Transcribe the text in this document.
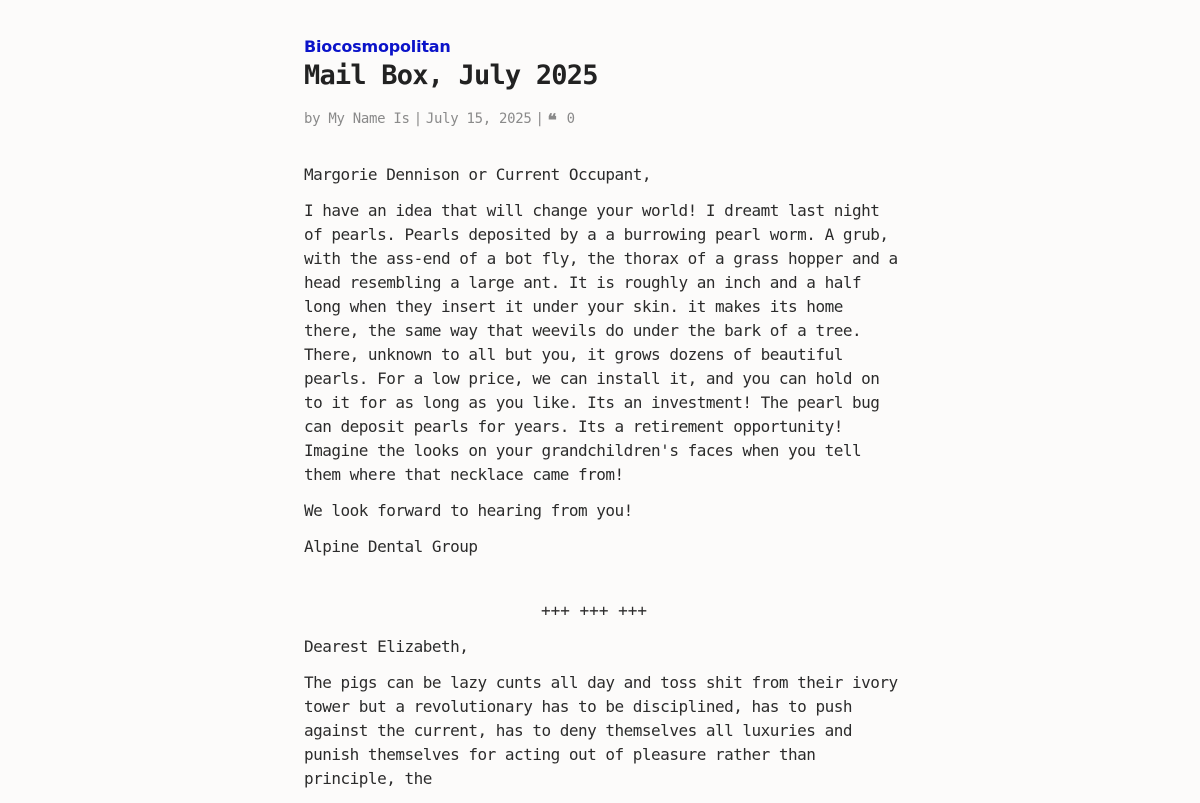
Biocosmopolitan
Mail Box, July 2025
by My Name Is | July 15, 2025 | ❝ 0

Margorie Dennison or Current Occupant,

I have an idea that will change your world! I dreamt last night of pearls. Pearls deposited by a a burrowing pearl worm. A grub, with the ass-end of a bot fly, the thorax of a grass hopper and a head resembling a large ant. It is roughly an inch and a half long when they insert it under your skin. it makes its home there, the same way that weevils do under the bark of a tree. There, unknown to all but you, it grows dozens of beautiful pearls. For a low price, we can install it, and you can hold on to it for as long as you like. Its an investment! The pearl bug can deposit pearls for years. Its a retirement opportunity! Imagine the looks on your grandchildren's faces when you tell them where that necklace came from!

We look forward to hearing from you!

Alpine Dental Group

+++ +++ +++

Dearest Elizabeth,

The pigs can be lazy cunts all day and toss shit from their ivory tower but a revolutionary has to be disciplined, has to push against the current, has to deny themselves all luxuries and punish themselves for acting out of pleasure rather than principle, the
